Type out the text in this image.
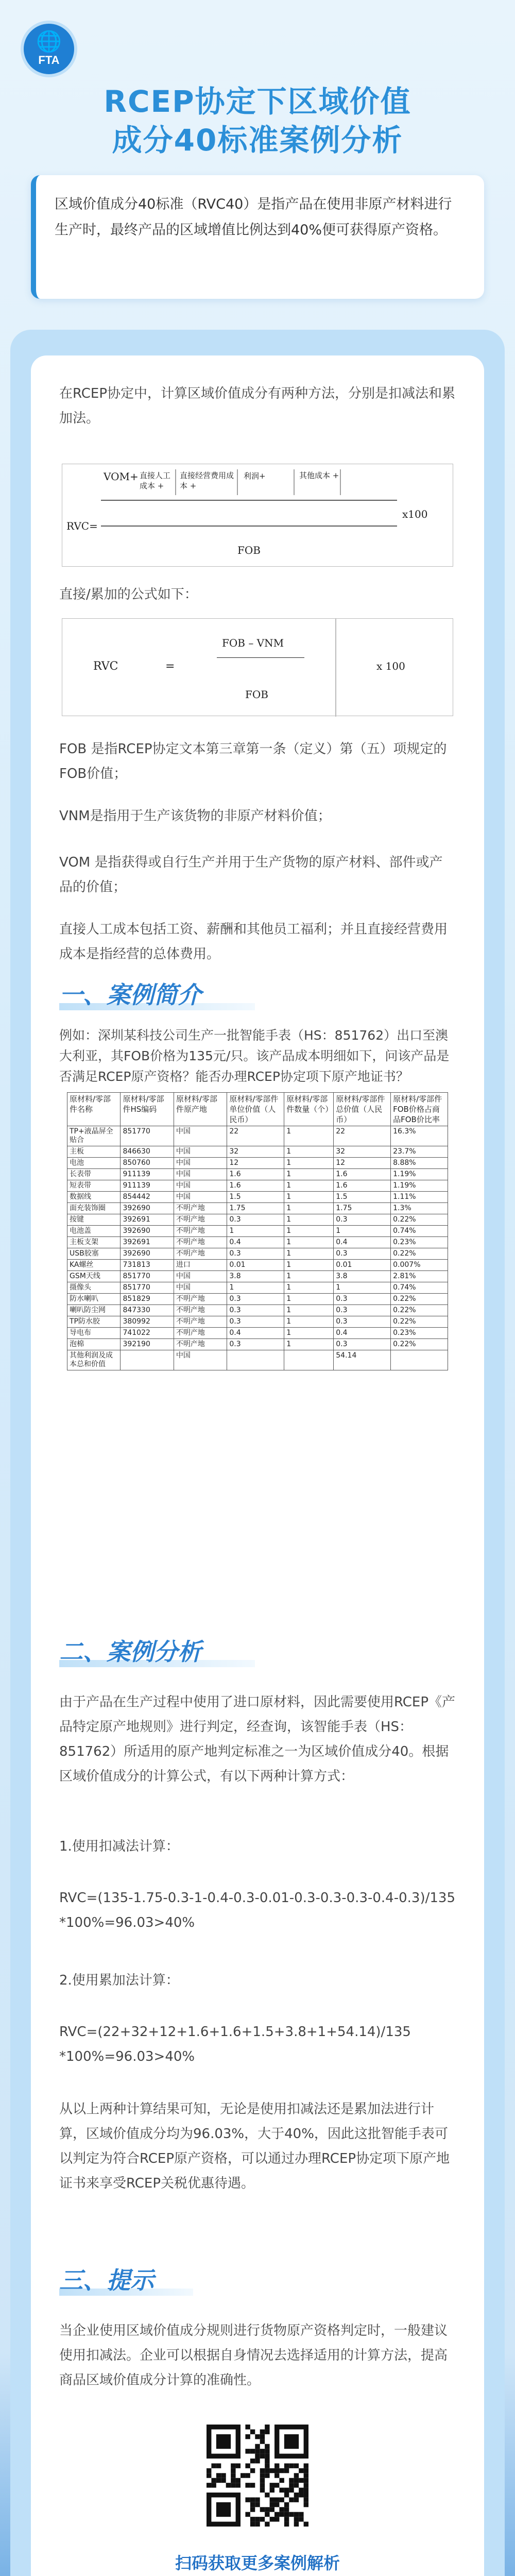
🌐
FTA
RCEP协定下区域价值
成分40标准案例分析
区域价值成分40标准（RVC40）是指产品在使用非原产材料进行生产时，最终产品的区域增值比例达到40%便可获得原产资格。
在RCEP协定中，计算区域价值成分有两种方法，分别是扣减法和累加法。
VOM+ 直接人工成本 +
直接经营费用成本 +
利润+	其他成本 +
RVC=
x100
FOB
直接/累加的公式如下：
RVC	=
FOB – VNM
FOB
x 100
FOB 是指RCEP协定文本第三章第一条（定义）第（五）项规定的FOB价值；
VNM是指用于生产该货物的非原产材料价值；
VOM 是指获得或自行生产并用于生产货物的原产材料、部件或产品的价值；
直接人工成本包括工资、薪酬和其他员工福利；并且直接经营费用成本是指经营的总体费用。
一、案例简介
例如：深圳某科技公司生产一批智能手表（HS：851762）出口至澳大利亚，其FOB价格为135元/只。该产品成本明细如下，问该产品是否满足RCEP原产资格？能否办理RCEP协定项下原产地证书？
原材料/零部件名称	原材料/零部件HS编码	原材料/零部件原产地	原材料/零部件单位价值（人民币）	原材料/零部件数量（个）	原材料/零部件总价值（人民币）	原材料/零部件FOB价格占商品FOB价比率
TP+液晶屏全贴合	851770	中国	22	1	22	16.3%
主板	846630	中国	32	1	32	23.7%
电池	850760	中国	12	1	12	8.88%
长表带	911139	中国	1.6	1	1.6	1.19%
短表带	911139	中国	1.6	1	1.6	1.19%
数据线	854442	中国	1.5	1	1.5	1.11%
面充装饰圈	392690	不明产地	1.75	1	1.75	1.3%
按键	392691	不明产地	0.3	1	0.3	0.22%
电池盖	392690	不明产地	1	1	1	0.74%
主板支架	392691	不明产地	0.4	1	0.4	0.23%
USB胶塞	392690	不明产地	0.3	1	0.3	0.22%
KA螺丝	731813	进口	0.01	1	0.01	0.007%
GSM天线	851770	中国	3.8	1	3.8	2.81%
摄像头	851770	中国	1	1	1	0.74%
防水喇叭	851829	不明产地	0.3	1	0.3	0.22%
喇叭防尘网	847330	不明产地	0.3	1	0.3	0.22%
TP防水胶	380992	不明产地	0.3	1	0.3	0.22%
导电布	741022	不明产地	0.4	1	0.4	0.23%
泡棉	392190	不明产地	0.3	1	0.3	0.22%
其他利润及成本总和价值		中国			54.14	
二、案例分析
由于产品在生产过程中使用了进口原材料，因此需要使用RCEP《产品特定原产地规则》进行判定，经查询，该智能手表（HS：851762）所适用的原产地判定标准之一为区域价值成分40。根据区域价值成分的计算公式，有以下两种计算方式：
1.使用扣减法计算：
RVC=(135-1.75-0.3-1-0.4-0.3-0.01-0.3-0.3-0.3-0.4-0.3)/135 *100%=96.03>40%
2.使用累加法计算：
RVC=(22+32+12+1.6+1.6+1.5+3.8+1+54.14)/135 *100%=96.03>40%
从以上两种计算结果可知，无论是使用扣减法还是累加法进行计算，区域价值成分均为96.03%，大于40%，因此这批智能手表可以判定为符合RCEP原产资格，可以通过办理RCEP协定项下原产地证书来享受RCEP关税优惠待遇。
三、提示
当企业使用区域价值成分规则进行货物原产资格判定时，一般建议使用扣减法。企业可以根据自身情况去选择适用的计算方法，提高商品区域价值成分计算的准确性。
扫码获取更多案例解析
